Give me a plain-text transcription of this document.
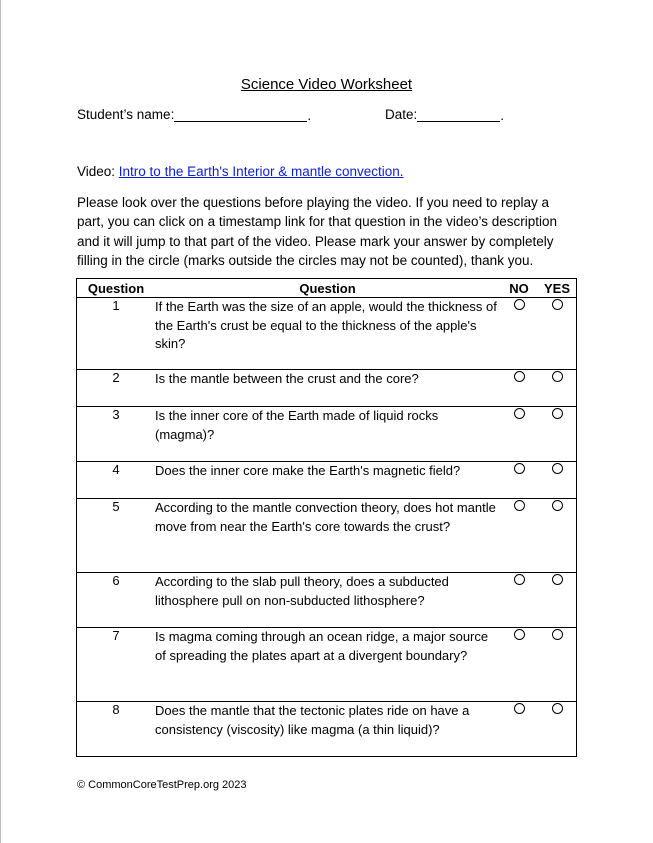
Science Video Worksheet
Student’s name:	.	Date:	.
Video: Intro to the Earth's Interior & mantle convection.
Please look over the questions before playing the video. If you need to replay a part, you can click on a timestamp link for that question in the video’s description and it will jump to that part of the video. Please mark your answer by completely filling in the circle (marks outside the circles may not be counted), thank you.
Question	Question	NO	YES
1	If the Earth was the size of an apple, would the thickness of the Earth's crust be equal to the thickness of the apple's skin?		
2	Is the mantle between the crust and the core?		
3	Is the inner core of the Earth made of liquid rocks (magma)?		
4	Does the inner core make the Earth's magnetic field?		
5	According to the mantle convection theory, does hot mantle move from near the Earth's core towards the crust?		
6	According to the slab pull theory, does a subducted lithosphere pull on non-subducted lithosphere?		
7	Is magma coming through an ocean ridge, a major source of spreading the plates apart at a divergent boundary?		
8	Does the mantle that the tectonic plates ride on have a consistency (viscosity) like magma (a thin liquid)?		
© CommonCoreTestPrep.org 2023
